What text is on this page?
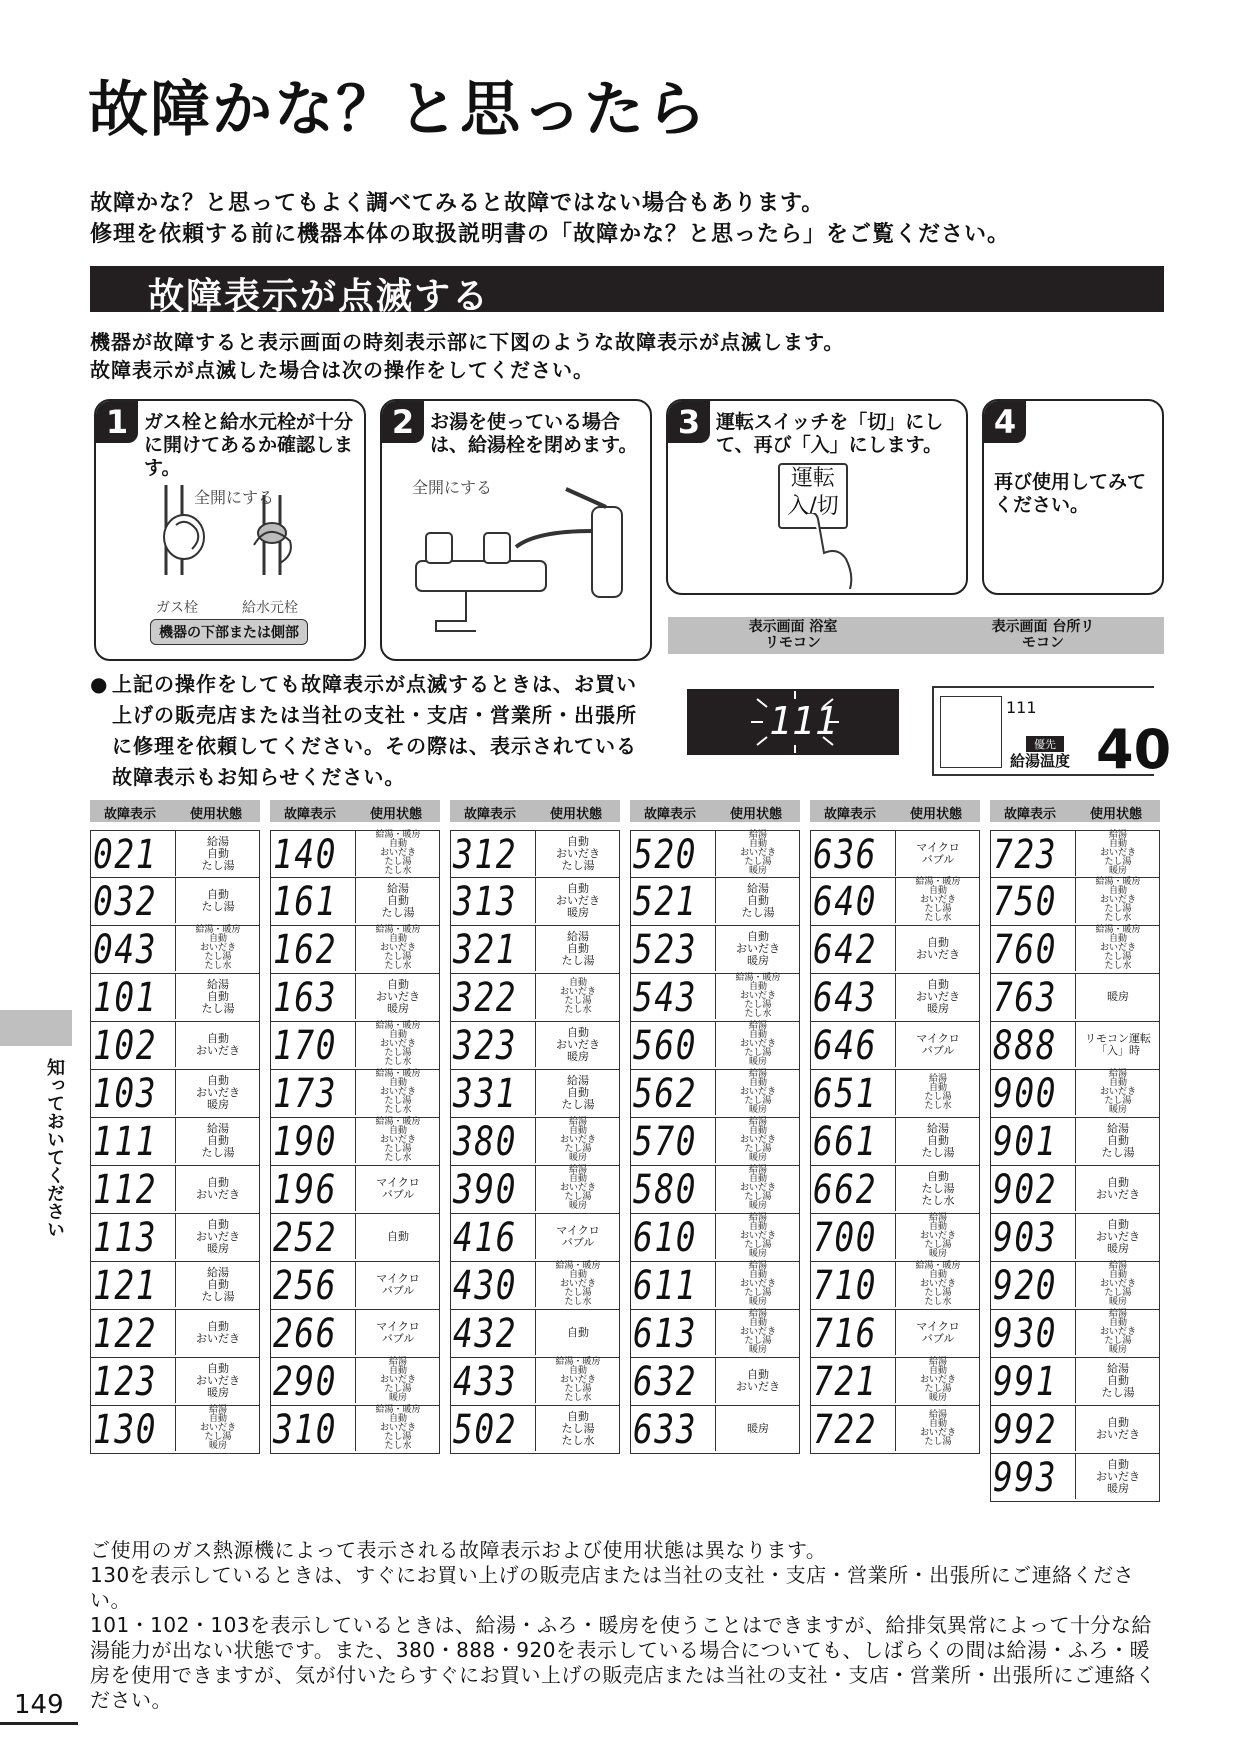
故障かな？と思ったら
故障かな？と思ってもよく調べてみると故障ではない場合もあります。
修理を依頼する前に機器本体の取扱説明書の「故障かな？と思ったら」をご覧ください。
故障表示が点滅する
機器が故障すると表示画面の時刻表示部に下図のような故障表示が点滅します。
故障表示が点滅した場合は次の操作をしてください。
1 ガス栓と給水元栓が十分に開けてあるか確認します。
全開にする
ガス栓	給水元栓
機器の下部または側部
2 お湯を使っている場合は、給湯栓を閉めます。
全開にする
3 運転スイッチを「切」にして、再び「入」にします。
運転
入/切
4
再び使用してみてください。
表示画面 浴室リモコン
表示画面 台所リモコン
● 上記の操作をしても故障表示が点滅するときは、お買い上げの販売店または当社の支社・支店・営業所・出張所に修理を依頼してください。その際は、表示されている故障表示もお知らせください。
111	111
優先
給湯温度 40
故障表示	使用状態
021	給湯
自動
たし湯
032	自動
たし湯
043	給湯・暖房
自動
おいだき
たし湯
たし水
101	給湯
自動
たし湯
102	自動
おいだき
103	自動
おいだき
暖房
111	給湯
自動
たし湯
112	自動
おいだき
113	自動
おいだき
暖房
121	給湯
自動
たし湯
122	自動
おいだき
123	自動
おいだき
暖房
130	給湯
自動
おいだき
たし湯
暖房
故障表示	使用状態
140	給湯・暖房
自動
おいだき
たし湯
たし水
161	給湯
自動
たし湯
162	給湯・暖房
自動
おいだき
たし湯
たし水
163	自動
おいだき
暖房
170	給湯・暖房
自動
おいだき
たし湯
たし水
173	給湯・暖房
自動
おいだき
たし湯
たし水
190	給湯・暖房
自動
おいだき
たし湯
たし水
196	マイクロ
バブル
252	自動
256	マイクロ
バブル
266	マイクロ
バブル
290	給湯
自動
おいだき
たし湯
暖房
310	給湯・暖房
自動
おいだき
たし湯
たし水
故障表示	使用状態
312	自動
おいだき
たし湯
313	自動
おいだき
暖房
321	給湯
自動
たし湯
322	自動
おいだき
たし湯
たし水
323	自動
おいだき
暖房
331	給湯
自動
たし湯
380	給湯
自動
おいだき
たし湯
暖房
390	給湯
自動
おいだき
たし湯
暖房
416	マイクロ
バブル
430	給湯・暖房
自動
おいだき
たし湯
たし水
432	自動
433	給湯・暖房
自動
おいだき
たし湯
たし水
502	自動
たし湯
たし水
故障表示	使用状態
520	給湯
自動
おいだき
たし湯
暖房
521	給湯
自動
たし湯
523	自動
おいだき
暖房
543	給湯・暖房
自動
おいだき
たし湯
たし水
560	給湯
自動
おいだき
たし湯
暖房
562	給湯
自動
おいだき
たし湯
暖房
570	給湯
自動
おいだき
たし湯
暖房
580	給湯
自動
おいだき
たし湯
暖房
610	給湯
自動
おいだき
たし湯
暖房
611	給湯
自動
おいだき
たし湯
暖房
613	給湯
自動
おいだき
たし湯
暖房
632	自動
おいだき
633	暖房
故障表示	使用状態
636	マイクロ
バブル
640	給湯・暖房
自動
おいだき
たし湯
たし水
642	自動
おいだき
643	自動
おいだき
暖房
646	マイクロ
バブル
651	給湯
自動
たし湯
たし水
661	給湯
自動
たし湯
662	自動
たし湯
たし水
700	給湯
自動
おいだき
たし湯
暖房
710	給湯・暖房
自動
おいだき
たし湯
たし水
716	マイクロ
バブル
721	給湯
自動
おいだき
たし湯
暖房
722	給湯
自動
おいだき
たし湯
故障表示	使用状態
723	給湯
自動
おいだき
たし湯
暖房
750	給湯・暖房
自動
おいだき
たし湯
たし水
760	給湯・暖房
自動
おいだき
たし湯
たし水
763	暖房
888	リモコン運転
「入」時
900	給湯
自動
おいだき
たし湯
暖房
901	給湯
自動
たし湯
902	自動
おいだき
903	自動
おいだき
暖房
920	給湯
自動
おいだき
たし湯
暖房
930	給湯
自動
おいだき
たし湯
暖房
991	給湯
自動
たし湯
992	自動
おいだき
993	自動
おいだき
暖房
知っておいてください
ご使用のガス熱源機によって表示される故障表示および使用状態は異なります。
130を表示しているときは、すぐにお買い上げの販売店または当社の支社・支店・営業所・出張所にご連絡ください。
101・102・103を表示しているときは、給湯・ふろ・暖房を使うことはできますが、給排気異常によって十分な給湯能力が出ない状態です。また、380・888・920を表示している場合についても、しばらくの間は給湯・ふろ・暖房を使用できますが、気が付いたらすぐにお買い上げの販売店または当社の支社・支店・営業所・出張所にご連絡ください。
149
